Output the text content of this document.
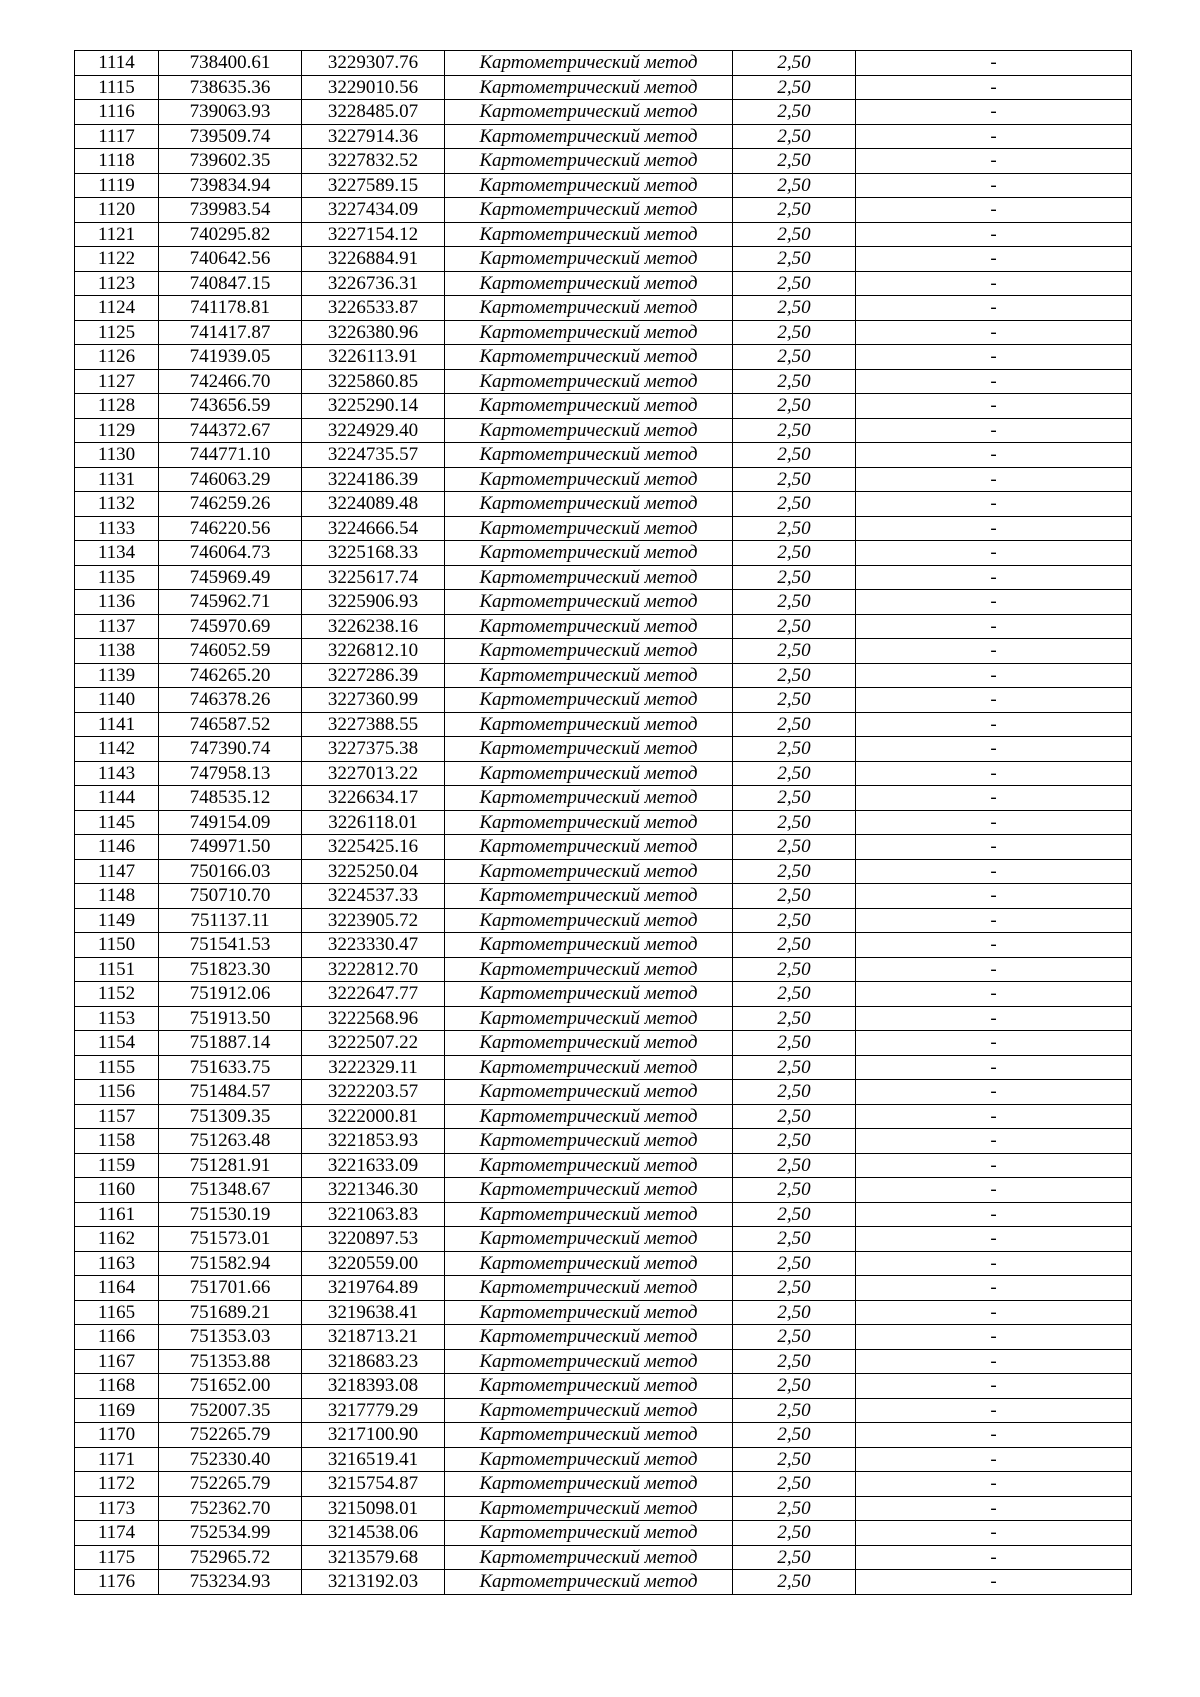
1114	738400.61	3229307.76	Картометрический метод	2,50	-
1115	738635.36	3229010.56	Картометрический метод	2,50	-
1116	739063.93	3228485.07	Картометрический метод	2,50	-
1117	739509.74	3227914.36	Картометрический метод	2,50	-
1118	739602.35	3227832.52	Картометрический метод	2,50	-
1119	739834.94	3227589.15	Картометрический метод	2,50	-
1120	739983.54	3227434.09	Картометрический метод	2,50	-
1121	740295.82	3227154.12	Картометрический метод	2,50	-
1122	740642.56	3226884.91	Картометрический метод	2,50	-
1123	740847.15	3226736.31	Картометрический метод	2,50	-
1124	741178.81	3226533.87	Картометрический метод	2,50	-
1125	741417.87	3226380.96	Картометрический метод	2,50	-
1126	741939.05	3226113.91	Картометрический метод	2,50	-
1127	742466.70	3225860.85	Картометрический метод	2,50	-
1128	743656.59	3225290.14	Картометрический метод	2,50	-
1129	744372.67	3224929.40	Картометрический метод	2,50	-
1130	744771.10	3224735.57	Картометрический метод	2,50	-
1131	746063.29	3224186.39	Картометрический метод	2,50	-
1132	746259.26	3224089.48	Картометрический метод	2,50	-
1133	746220.56	3224666.54	Картометрический метод	2,50	-
1134	746064.73	3225168.33	Картометрический метод	2,50	-
1135	745969.49	3225617.74	Картометрический метод	2,50	-
1136	745962.71	3225906.93	Картометрический метод	2,50	-
1137	745970.69	3226238.16	Картометрический метод	2,50	-
1138	746052.59	3226812.10	Картометрический метод	2,50	-
1139	746265.20	3227286.39	Картометрический метод	2,50	-
1140	746378.26	3227360.99	Картометрический метод	2,50	-
1141	746587.52	3227388.55	Картометрический метод	2,50	-
1142	747390.74	3227375.38	Картометрический метод	2,50	-
1143	747958.13	3227013.22	Картометрический метод	2,50	-
1144	748535.12	3226634.17	Картометрический метод	2,50	-
1145	749154.09	3226118.01	Картометрический метод	2,50	-
1146	749971.50	3225425.16	Картометрический метод	2,50	-
1147	750166.03	3225250.04	Картометрический метод	2,50	-
1148	750710.70	3224537.33	Картометрический метод	2,50	-
1149	751137.11	3223905.72	Картометрический метод	2,50	-
1150	751541.53	3223330.47	Картометрический метод	2,50	-
1151	751823.30	3222812.70	Картометрический метод	2,50	-
1152	751912.06	3222647.77	Картометрический метод	2,50	-
1153	751913.50	3222568.96	Картометрический метод	2,50	-
1154	751887.14	3222507.22	Картометрический метод	2,50	-
1155	751633.75	3222329.11	Картометрический метод	2,50	-
1156	751484.57	3222203.57	Картометрический метод	2,50	-
1157	751309.35	3222000.81	Картометрический метод	2,50	-
1158	751263.48	3221853.93	Картометрический метод	2,50	-
1159	751281.91	3221633.09	Картометрический метод	2,50	-
1160	751348.67	3221346.30	Картометрический метод	2,50	-
1161	751530.19	3221063.83	Картометрический метод	2,50	-
1162	751573.01	3220897.53	Картометрический метод	2,50	-
1163	751582.94	3220559.00	Картометрический метод	2,50	-
1164	751701.66	3219764.89	Картометрический метод	2,50	-
1165	751689.21	3219638.41	Картометрический метод	2,50	-
1166	751353.03	3218713.21	Картометрический метод	2,50	-
1167	751353.88	3218683.23	Картометрический метод	2,50	-
1168	751652.00	3218393.08	Картометрический метод	2,50	-
1169	752007.35	3217779.29	Картометрический метод	2,50	-
1170	752265.79	3217100.90	Картометрический метод	2,50	-
1171	752330.40	3216519.41	Картометрический метод	2,50	-
1172	752265.79	3215754.87	Картометрический метод	2,50	-
1173	752362.70	3215098.01	Картометрический метод	2,50	-
1174	752534.99	3214538.06	Картометрический метод	2,50	-
1175	752965.72	3213579.68	Картометрический метод	2,50	-
1176	753234.93	3213192.03	Картометрический метод	2,50	-
